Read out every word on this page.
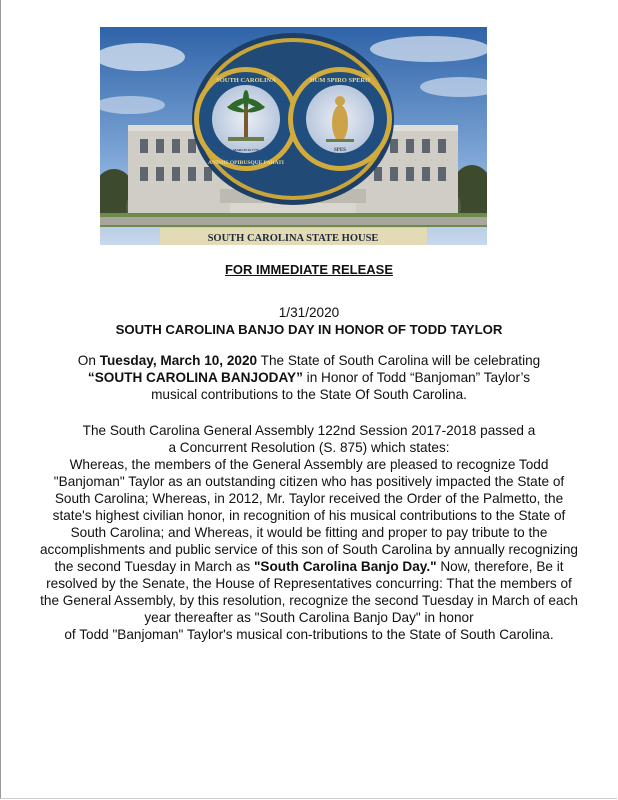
SOUTH CAROLINA
ANIMIS OPIBUSQUE PARATI
MARCH 26 1776
DUM SPIRO SPERO
SPES
1776
SOUTH CAROLINA STATE HOUSE
FOR IMMEDIATE RELEASE
1/31/2020
SOUTH CAROLINA BANJO DAY IN HONOR OF TODD TAYLOR
On Tuesday, March 10, 2020 The State of South Carolina will be celebrating
“SOUTH CAROLINA BANJODAY” in Honor of Todd “Banjoman” Taylor’s
musical contributions to the State Of South Carolina.
The South Carolina General Assembly 122nd Session 2017-2018 passed a
a Concurrent Resolution (S. 875) which states:
Whereas, the members of the General Assembly are pleased to recognize Todd
"Banjoman" Taylor as an outstanding citizen who has positively impacted the State of
South Carolina; Whereas, in 2012, Mr. Taylor received the Order of the Palmetto, the
state's highest civilian honor, in recognition of his musical contributions to the State of
South Carolina; and Whereas, it would be fitting and proper to pay tribute to the
accomplishments and public service of this son of South Carolina by annually recognizing
the second Tuesday in March as "South Carolina Banjo Day." Now, therefore, Be it
resolved by the Senate, the House of Representatives concurring: That the members of
the General Assembly, by this resolution, recognize the second Tuesday in March of each
year thereafter as "South Carolina Banjo Day" in honor
of Todd "Banjoman" Taylor's musical con-tributions to the State of South Carolina.
